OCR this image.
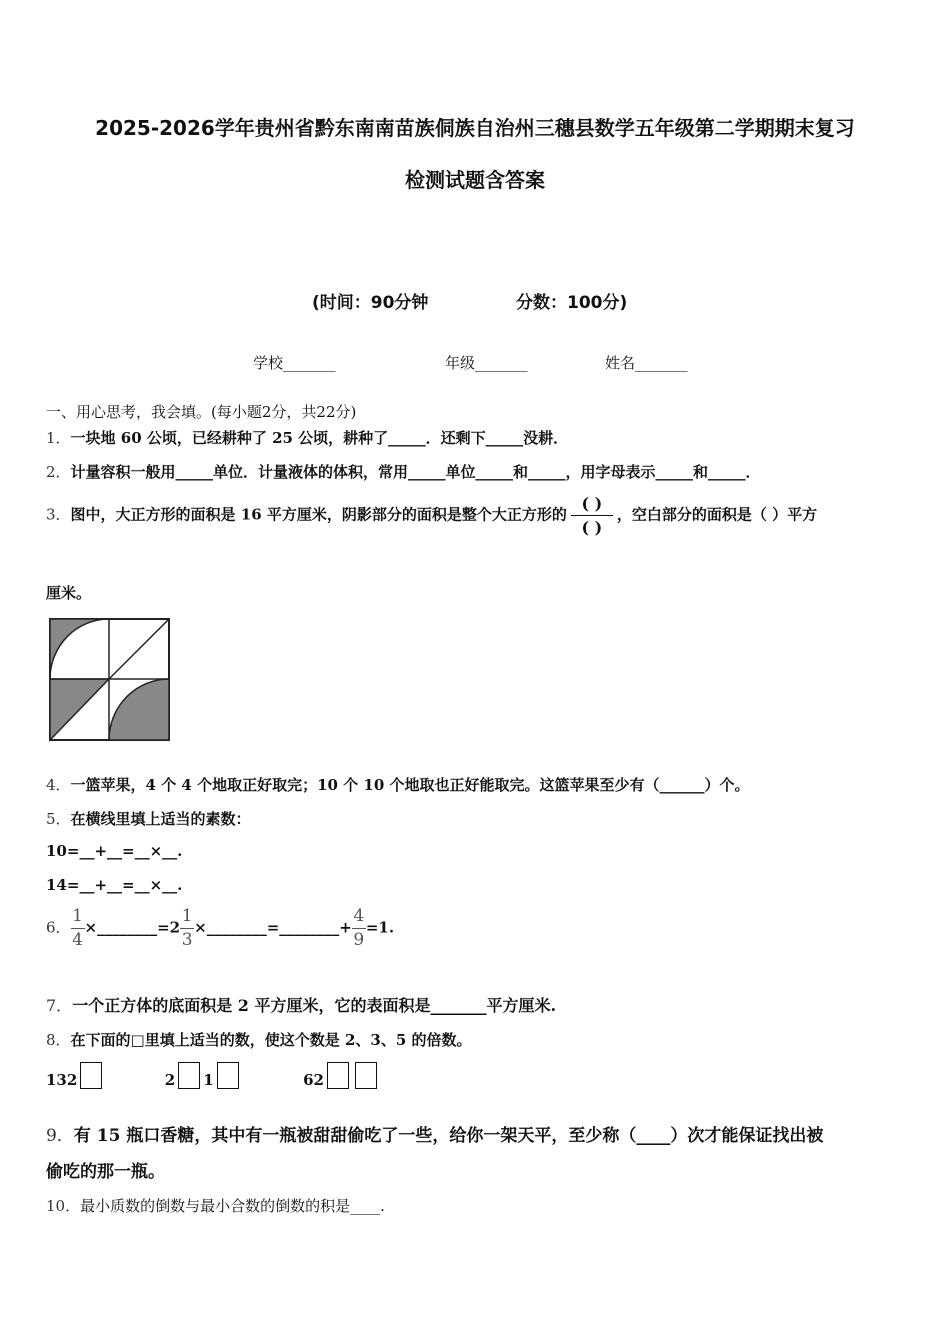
2025-2026学年贵州省黔东南南苗族侗族自治州三穗县数学五年级第二学期期末复习
检测试题含答案
(时间：90分钟	分数：100分)
学校_______	年级_______	姓名_______
一、用心思考，我会填。(每小题2分，共22分)
1．一块地 60 公顷，已经耕种了 25 公顷，耕种了_____．还剩下_____没耕．
2．计量容积一般用_____单位．计量液体的体积，常用_____单位_____和_____，用字母表示_____和_____．
3．图中，大正方形的面积是 16 平方厘米，阴影部分的面积是整个大正方形的 $\frac{( )}{( )}$ ，空白部分的面积是（ ）平方
厘米。
4．一篮苹果，4 个 4 个地取正好取完；10 个 10 个地取也正好能取完。这篮苹果至少有（______）个。
5．在横线里填上适当的素数：
10=__+__=__×__.
14=__+__=__×__.
6． $\frac{1}{4}$ ×________=2 $\frac{1}{3}$ ×________=________+ $\frac{4}{9} =1$.
7．一个正方体的底面积是 2 平方厘米，它的表面积是_______平方厘米.
8．在下面的□里填上适当的数，使这个数是 2、3、5 的倍数。
132	2 1	62
9．有 15 瓶口香糖，其中有一瓶被甜甜偷吃了一些，给你一架天平，至少称（____）次才能保证找出被
偷吃的那一瓶。
10．最小质数的倒数与最小合数的倒数的积是____.
